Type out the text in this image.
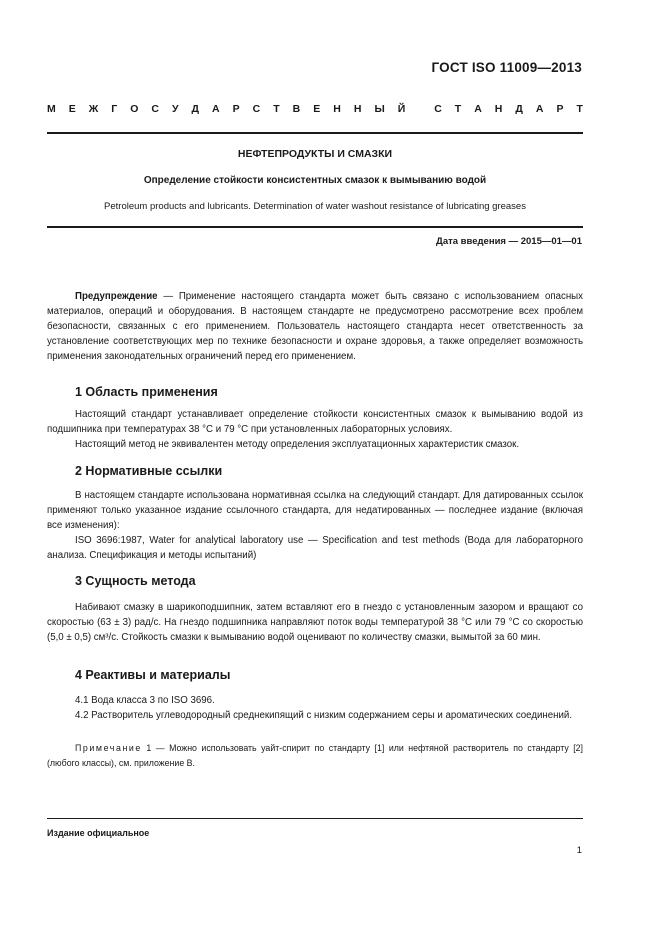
ГОСТ ISO 11009—2013
М Е Ж Г О С У Д А Р С Т В Е Н Н Ы Й
	С Т А Н Д А Р Т
НЕФТЕПРОДУКТЫ И СМАЗКИ
Определение стойкости консистентных смазок к вымыванию водой
Petroleum products and lubricants. Determination of water washout resistance of lubricating greases
Дата введения — 2015—01—01

Предупреждение — Применение настоящего стандарта может быть связано с использованием опасных материалов, операций и оборудования. В настоящем стандарте не предусмотрено рассмотрение всех проблем безопасности, связанных с его применением. Пользователь настоящего стандарта несет ответственность за установление соответствующих мер по технике безопасности и охране здоровья, а также определяет возможность применения законодательных ограничений перед его применением.

1 Область применения

Настоящий стандарт устанавливает определение стойкости консистентных смазок к вымыванию водой из подшипника при температурах 38 °С и 79 °С при установленных лабораторных условиях.

Настоящий метод не эквивалентен методу определения эксплуатационных характеристик смазок.

2 Нормативные ссылки

В настоящем стандарте использована нормативная ссылка на следующий стандарт. Для датированных ссылок применяют только указанное издание ссылочного стандарта, для недатированных — последнее издание (включая все изменения):

ISO 3696:1987, Water for analytical laboratory use — Specification and test methods (Вода для лабораторного анализа. Спецификация и методы испытаний)

3 Сущность метода

Набивают смазку в шарикоподшипник, затем вставляют его в гнездо с установленным зазором и вращают со скоростью (63 ± 3) рад/с. На гнездо подшипника направляют поток воды температурой 38 °С или 79 °С со скоростью (5,0 ± 0,5) см³/с. Стойкость смазки к вымыванию водой оценивают по количеству смазки, вымытой за 60 мин.

4 Реактивы и материалы

4.1 Вода класса 3 по ISO 3696.

4.2 Растворитель углеводородный среднекипящий с низким содержанием серы и ароматических соединений.

Примечание 1 — Можно использовать уайт-спирит по стандарту [1] или нефтяной растворитель по стандарту [2] (любого классы), см. приложение В.

Издание официальное
1
